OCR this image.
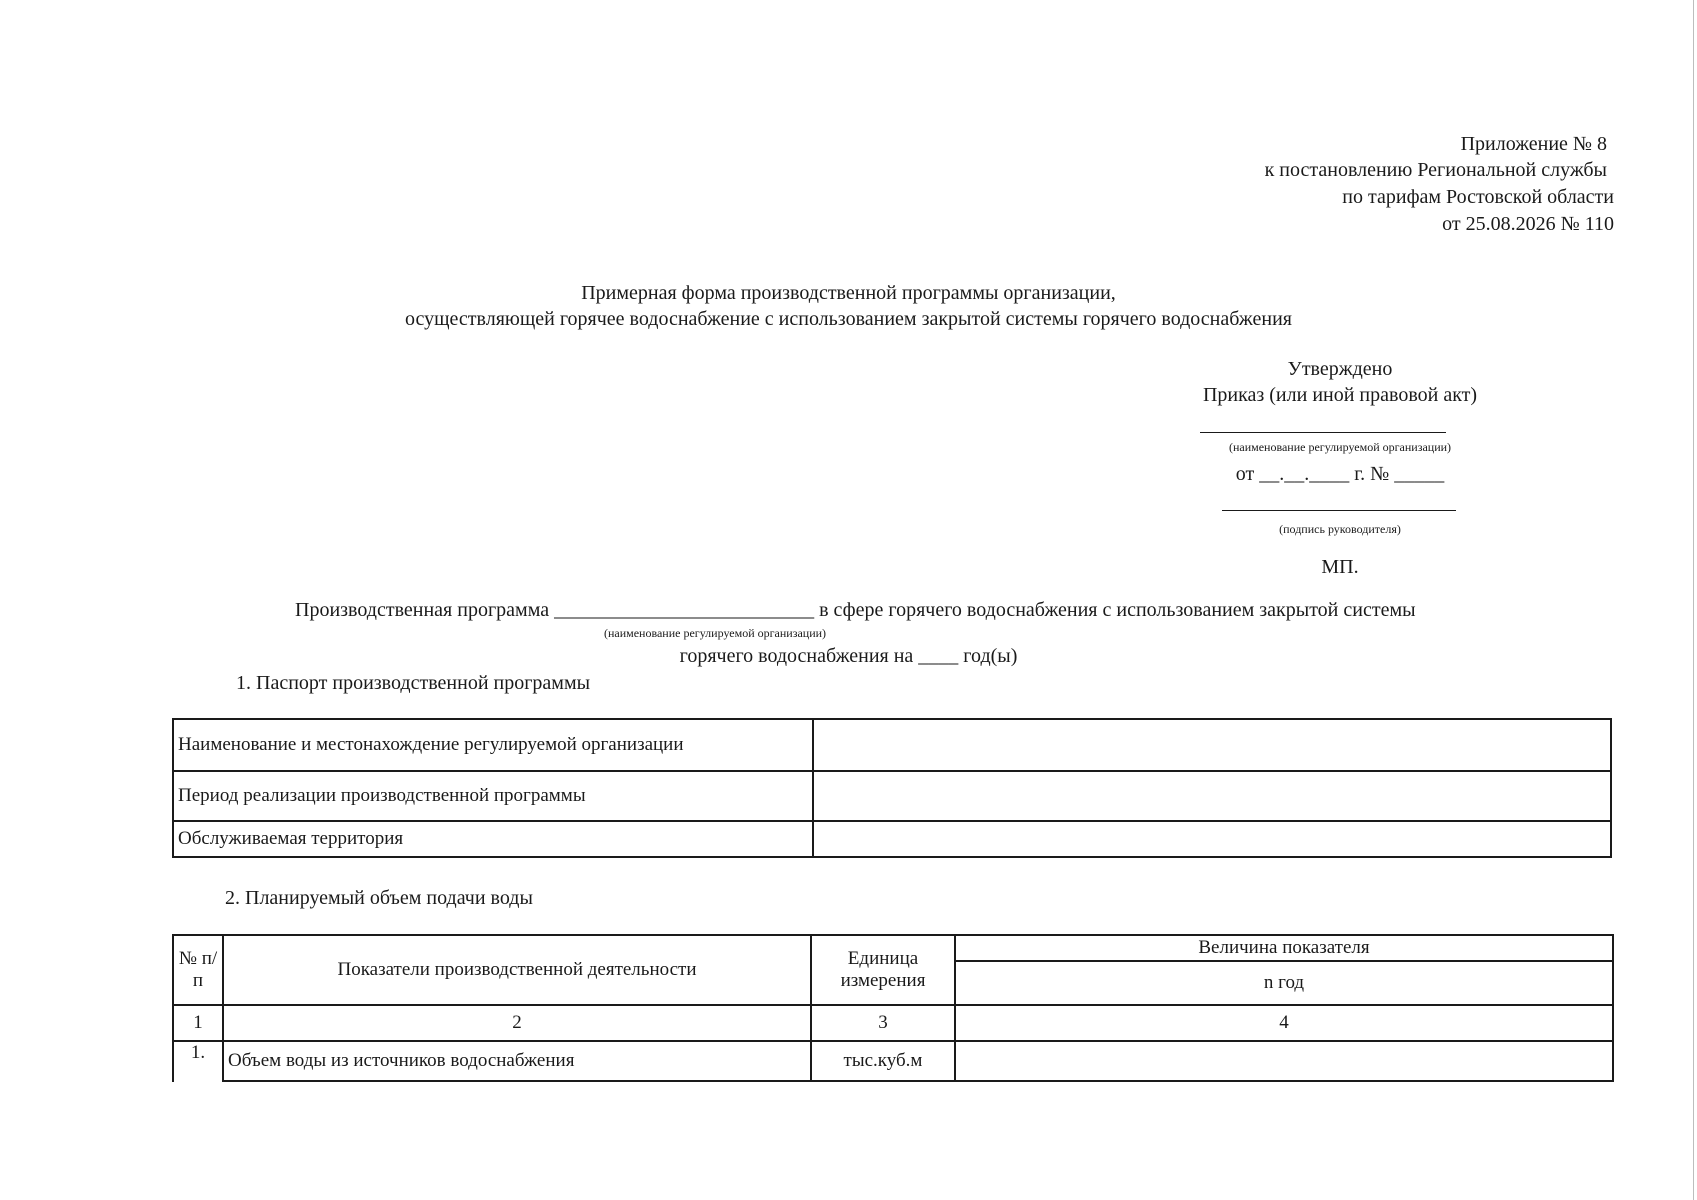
Приложение № 8
к постановлению Региональной службы
по тарифам Ростовской области
от 25.08.2026 № 110
Примерная форма производственной программы организации,
осуществляющей горячее водоснабжение с использованием закрытой системы горячего водоснабжения
Утверждено
Приказ (или иной правовой акт)
(наименование регулируемой организации)
от __.__.____ г. № _____
(подпись руководителя)
МП.
Производственная программа __________________________ в сфере горячего водоснабжения с использованием закрытой системы
(наименование регулируемой организации)
горячего водоснабжения на ____ год(ы)
1. Паспорт производственной программы
Наименование и местонахождение регулируемой организации	
Период реализации производственной программы	
Обслуживаемая территория	
2. Планируемый объем подачи воды
№ п/п	Показатели производственной деятельности	Единица измерения	Величина показателя
			n год
1	2	3	4
1.	Объем воды из источников водоснабжения	тыс.куб.м	
